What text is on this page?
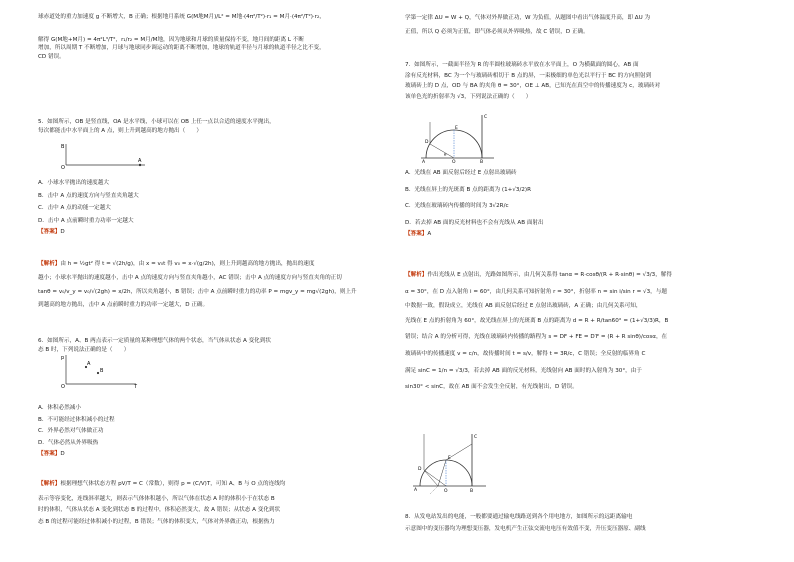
球赤道处的重力加速度 g 不断增大，B 正确；根据地月系统 G(M地M月)/L² = M地·(4π²/T²)·r₁ = M月·(4π²/T²)·r₂，

解得 G(M地+M月) = 4π²L³/T²，r₁/r₂ = M月/M地，因为地球和月球的质量保持不变，地月间的距离 L 不断

增加，所以周期 T 不断增加，月球与地球同步调运动的距离不断增加，地球的轨道半径与月球的轨道半径之比不变，

CD 错误。

5．如图所示，OB 是竖直线，OA 是水平线，小球可以在 OB 上任一点以合适的速度水平抛出，

每次都能击中水平面上的 A 点，则上升到越高的地方抛出（　　）

A．小球水平抛出的速度越大

B．击中 A 点的速度方向与竖直夹角越大

C．击中 A 点的动能一定越大

D．击中 A 点前瞬时重力功率一定越大

【答案】D

【解析】由 h = ½gt² 得 t = √(2h/g)，由 x = v₀t 得 v₀ = x·√(g/2h)，则上升到越高的地方抛出，抛出的速度

越小；小球水平抛出的速度越小，击中 A 点的速度方向与竖直夹角越小，AC 错误；击中 A 点的速度方向与竖直夹角的正切

tanθ = v₀/v_y = v₀/√(2gh) = x/2h，所以夹角越小，B 错误；击中 A 点前瞬时重力的功率 P = mgv_y = mg√(2gh)，则上升

到越高的地方抛出，击中 A 点前瞬时重力的功率一定越大，D 正确。

6．如图所示，A、B 两点表示一定质量的某种理想气体的两个状态，当气体从状态 A 变化到状

态 B 时，下列说法正确的是（　　）

A．体积必然减小

B．不可能经过体积减小的过程

C．外界必然对气体做正功

D．气体必然从外界吸热

【答案】D

【解析】根据理想气体状态方程 pV/T = C（常数），则得 p = (C/V)T，可知 A、B 与 O 点的连线均

表示等容变化，连线斜率越大，则表示气体体积越小，所以气体在状态 A 时的体积小于在状态 B

时的体积，气体从状态 A 变化到状态 B 的过程中，体积必然变大，故 A 错误；从状态 A 变化到状

态 B 的过程可能经过体积减小的过程，B 错误；气体的体积变大，气体对外界做正功，根据热力

B
O
A
p
O	T
A
B

学第一定律 ΔU = W + Q，气体对外界做正功，W 为负值，从题图中看出气体温度升高，即 ΔU 为

正值，所以 Q 必须为正值，即气体必须从外界吸热，故 C 错误，D 正确。

7．如图所示，一截面半径为 R 的半圆柱玻璃砖水平放在水平面上，O 为横截面的圆心，AB 面

涂有反光材料，BC 为一个与玻璃砖相切于 B 点的屏，一束极细的单色光以平行于 BC 的方向照射到

玻璃砖上的 D 点，OD 与 BA 的夹角 θ = 30°，OE ⊥ AB，已知光在真空中的传播速度为 c，玻璃砖对

该单色光的折射率为 √3，下列说法正确的（　　）

A．光线在 AB 面反射后经过 E 点射出玻璃砖

B．光线在屏上的光斑离 B 点的距离为 (1+√3/2)R

C．光线在玻璃砖内传播的时间为 3√2R/c

D．若去掉 AB 面的反光材料也不会有光线从 AB 面射出

【答案】A

【解析】作出光线从 E 点射出，光路如图所示，由几何关系得 tanα = R·cosθ/(R + R·sinθ) = √3/3，解得

α = 30°，在 D 点入射角 i = 60°，由几何关系可知折射角 r = 30°，折射率 n = sin i/sin r = √3，与题

中数据一致，假设成立，光线在 AB 面反射后经过 E 点射出玻璃砖，A 正确；由几何关系可知，

光线在 E 点的折射角为 60°，故光线在屏上的光斑离 B 点的距离为 d = R + R/tan60° = (1+√3/3)R，B

错误；结合 A 的分析可得，光线在玻璃砖内传播的路程为 s = DF + FE = D′F = (R + R sinθ)/cosα，在

玻璃砖中的传播速度 v = c/n，故传播时间 t = s/v，解得 t = 3R/c，C 错误；全反射的临界角 C

满足 sinC = 1/n = √3/3，若去掉 AB 面的反光材料，光线射向 AB 面时的入射角为 30°，由于

sin30° < sinC，故在 AB 面不会发生全反射，有光线射出，D 错误。

8．从发电站发出的电能，一般都要通过输电线路送到各个用电地方，如图所示的远距离输电

示意图中的变压器均为理想变压器，发电机产生正弦交流电电压有效值不变，升压变压器原、副线

A	B
C
D
E
O
θ
A	B
C
D
E
O
